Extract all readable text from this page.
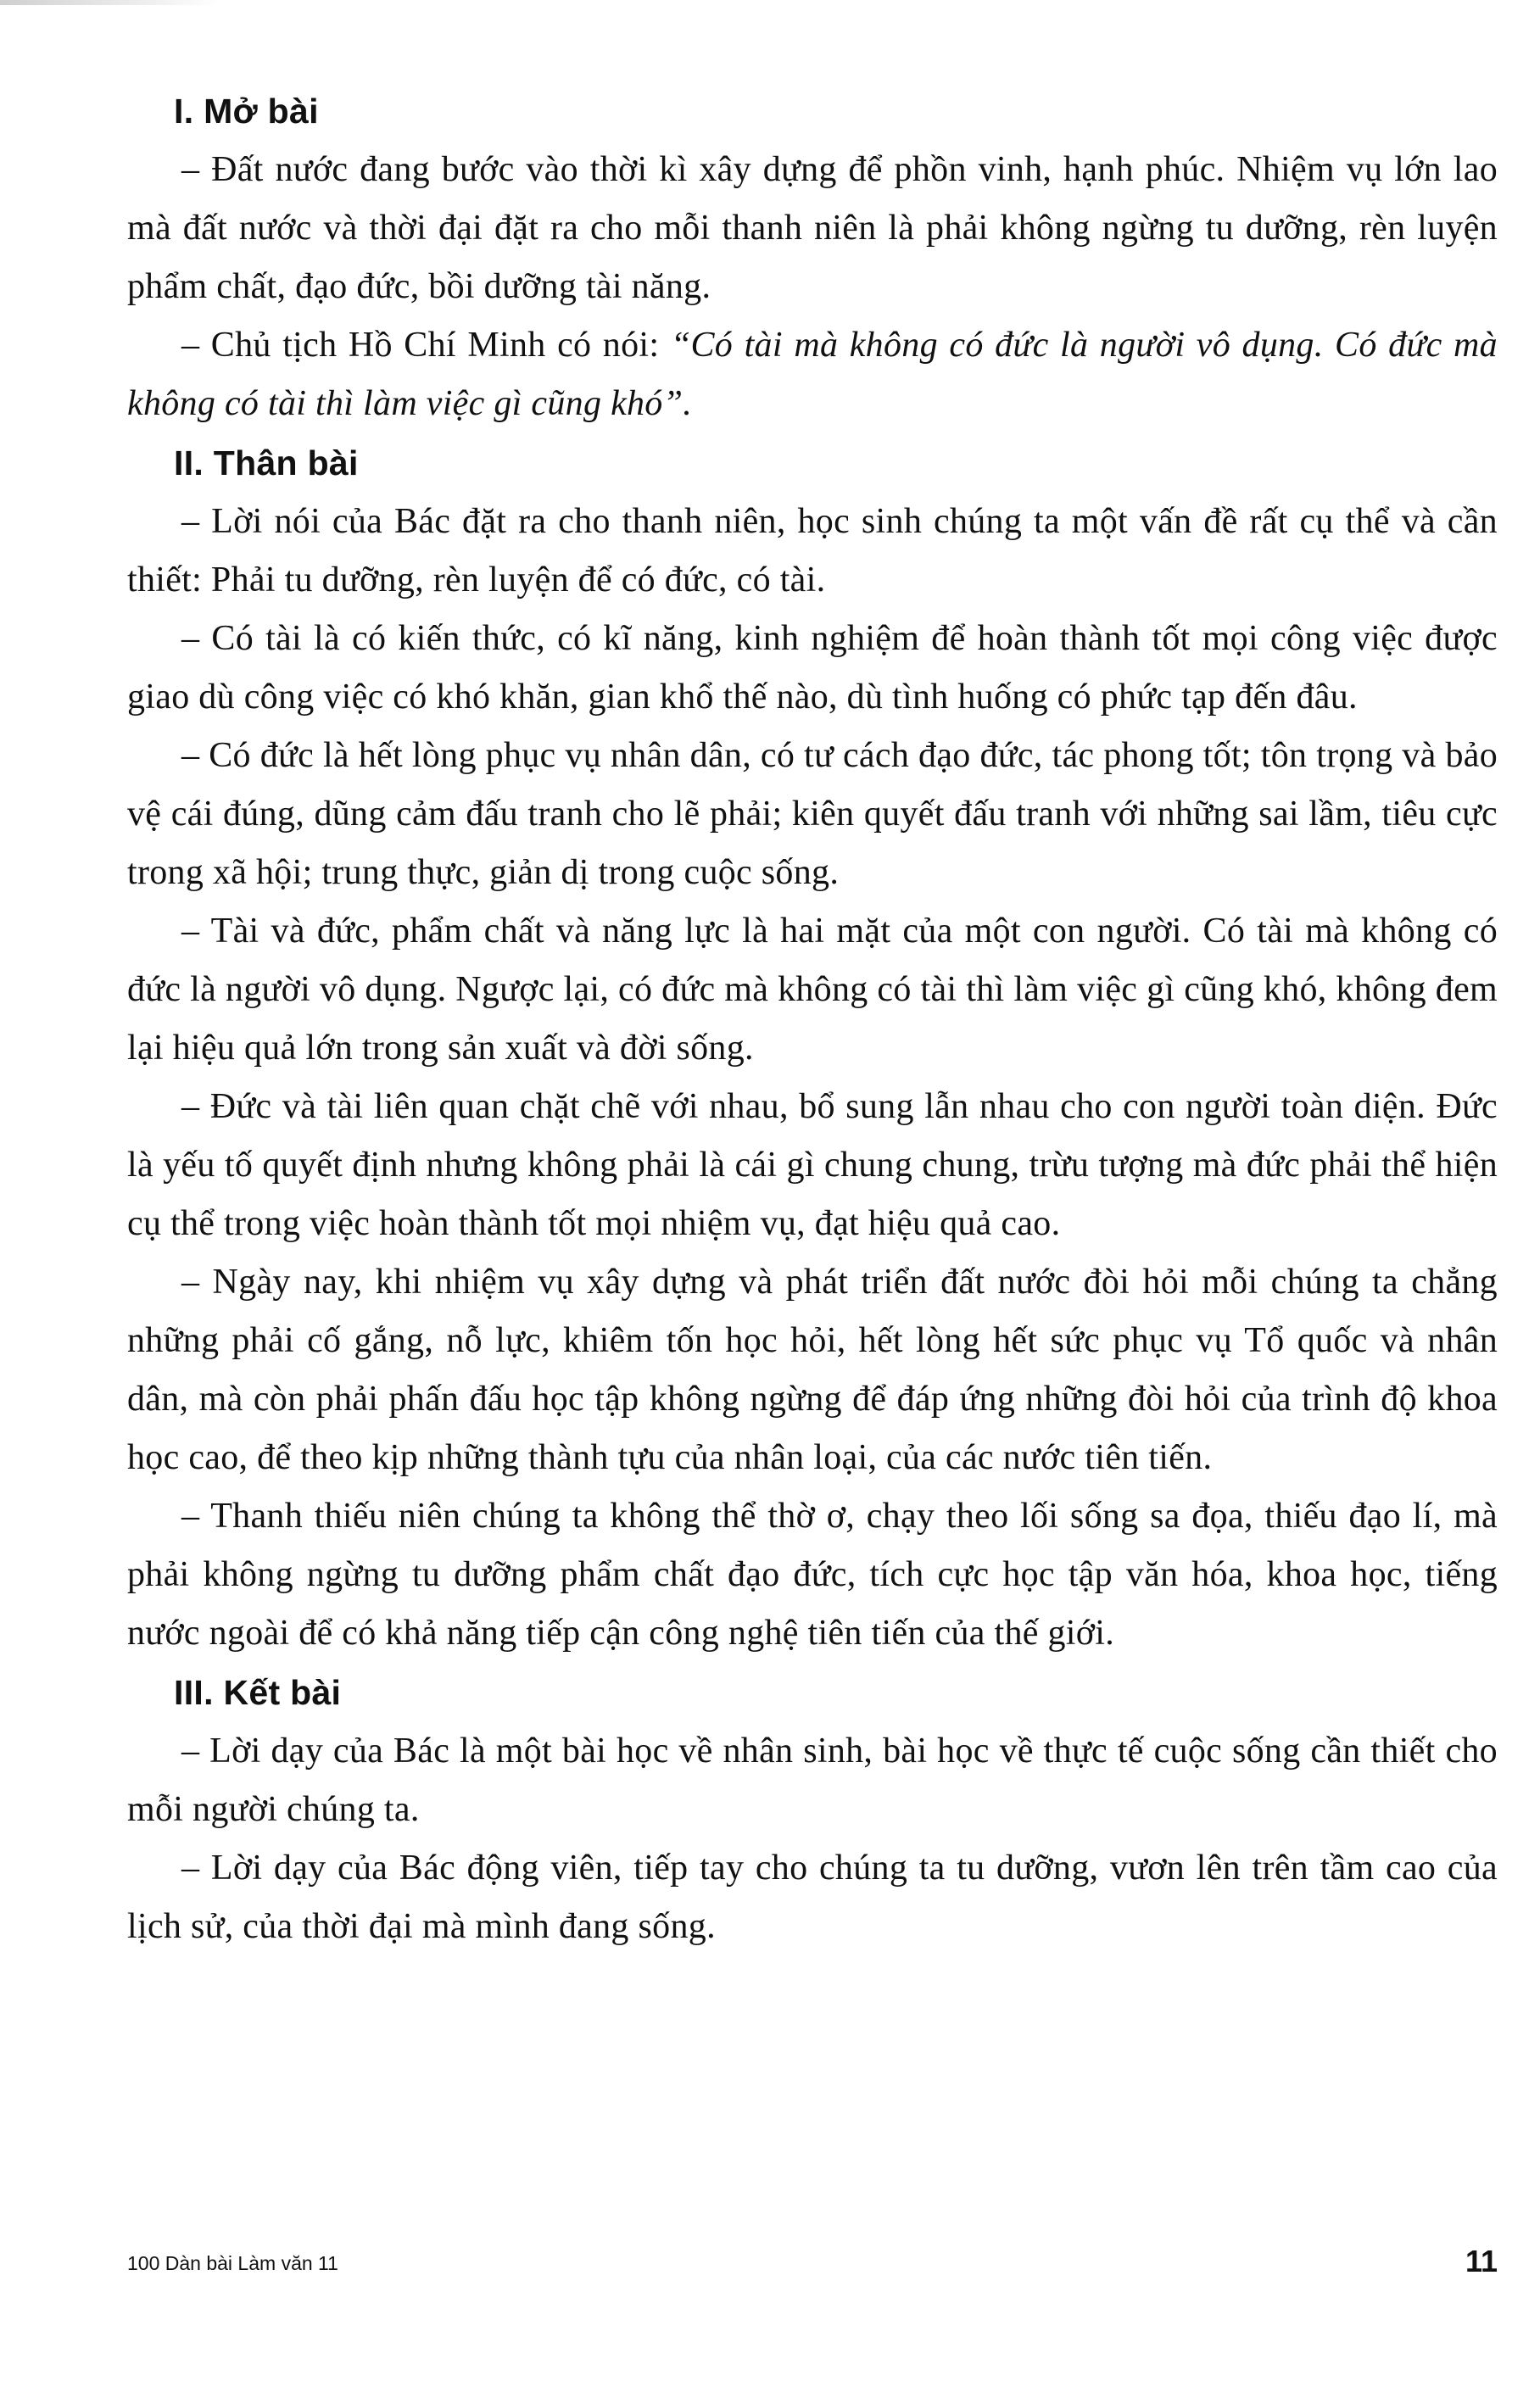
I. Mở bài

– Đất nước đang bước vào thời kì xây dựng để phồn vinh, hạnh phúc. Nhiệm vụ lớn lao mà đất nước và thời đại đặt ra cho mỗi thanh niên là phải không ngừng tu dưỡng, rèn luyện phẩm chất, đạo đức, bồi dưỡng tài năng.

– Chủ tịch Hồ Chí Minh có nói: “Có tài mà không có đức là người vô dụng. Có đức mà không có tài thì làm việc gì cũng khó”.

II. Thân bài

– Lời nói của Bác đặt ra cho thanh niên, học sinh chúng ta một vấn đề rất cụ thể và cần thiết: Phải tu dưỡng, rèn luyện để có đức, có tài.

– Có tài là có kiến thức, có kĩ năng, kinh nghiệm để hoàn thành tốt mọi công việc được giao dù công việc có khó khăn, gian khổ thế nào, dù tình huống có phức tạp đến đâu.

– Có đức là hết lòng phục vụ nhân dân, có tư cách đạo đức, tác phong tốt; tôn trọng và bảo vệ cái đúng, dũng cảm đấu tranh cho lẽ phải; kiên quyết đấu tranh với những sai lầm, tiêu cực trong xã hội; trung thực, giản dị trong cuộc sống.

– Tài và đức, phẩm chất và năng lực là hai mặt của một con người. Có tài mà không có đức là người vô dụng. Ngược lại, có đức mà không có tài thì làm việc gì cũng khó, không đem lại hiệu quả lớn trong sản xuất và đời sống.

– Đức và tài liên quan chặt chẽ với nhau, bổ sung lẫn nhau cho con người toàn diện. Đức là yếu tố quyết định nhưng không phải là cái gì chung chung, trừu tượng mà đức phải thể hiện cụ thể trong việc hoàn thành tốt mọi nhiệm vụ, đạt hiệu quả cao.

– Ngày nay, khi nhiệm vụ xây dựng và phát triển đất nước đòi hỏi mỗi chúng ta chẳng những phải cố gắng, nỗ lực, khiêm tốn học hỏi, hết lòng hết sức phục vụ Tổ quốc và nhân dân, mà còn phải phấn đấu học tập không ngừng để đáp ứng những đòi hỏi của trình độ khoa học cao, để theo kịp những thành tựu của nhân loại, của các nước tiên tiến.

– Thanh thiếu niên chúng ta không thể thờ ơ, chạy theo lối sống sa đọa, thiếu đạo lí, mà phải không ngừng tu dưỡng phẩm chất đạo đức, tích cực học tập văn hóa, khoa học, tiếng nước ngoài để có khả năng tiếp cận công nghệ tiên tiến của thế giới.

III. Kết bài

– Lời dạy của Bác là một bài học về nhân sinh, bài học về thực tế cuộc sống cần thiết cho mỗi người chúng ta.

– Lời dạy của Bác động viên, tiếp tay cho chúng ta tu dưỡng, vươn lên trên tầm cao của lịch sử, của thời đại mà mình đang sống.

100 Dàn bài Làm văn 11	11
